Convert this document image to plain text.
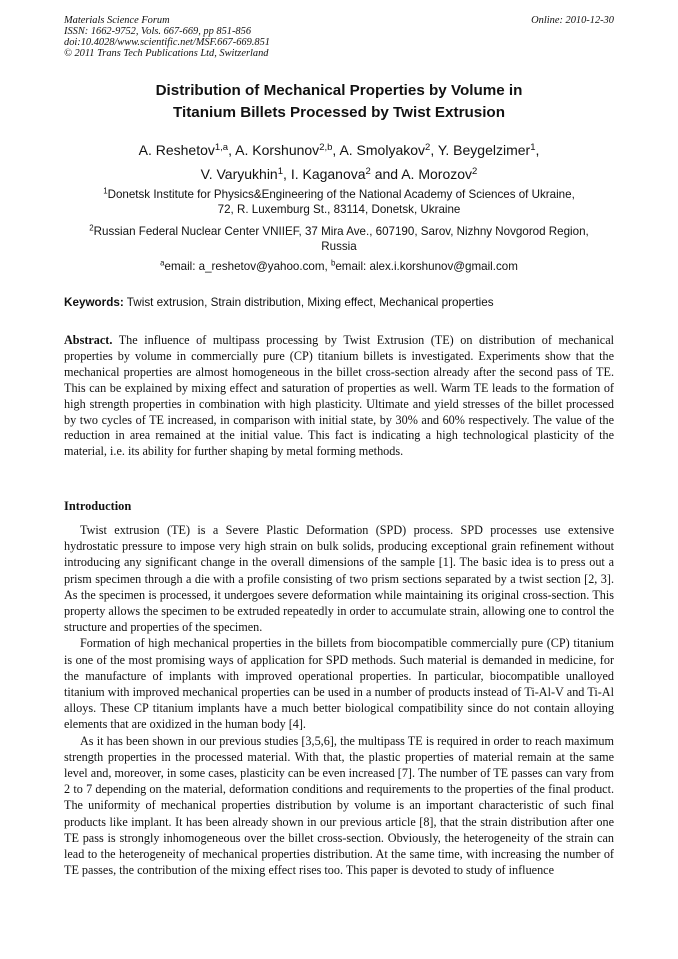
Materials Science Forum
ISSN: 1662-9752, Vols. 667-669, pp 851-856
doi:10.4028/www.scientific.net/MSF.667-669.851
© 2011 Trans Tech Publications Ltd, Switzerland
Online: 2010-12-30
Distribution of Mechanical Properties by Volume in
Titanium Billets Processed by Twist Extrusion
A. Reshetov$^{1,a}$, A. Korshunov$^{2,b}$, A. Smolyakov$^2$, Y. Beygelzimer$^1$,
V. Varyukhin$^1$, I. Kaganova$^2$ and A. Morozov$^2$
$^1$Donetsk Institute for Physics&Engineering of the National Academy of Sciences of Ukraine,
72, R. Luxemburg St., 83114, Donetsk, Ukraine
$^2$Russian Federal Nuclear Center VNIIEF, 37 Mira Ave., 607190, Sarov, Nizhny Novgorod Region,
Russia
$^a$email: a_reshetov@yahoo.com, $^b$email: alex.i.korshunov@gmail.com
Keywords: Twist extrusion, Strain distribution, Mixing effect, Mechanical properties
Abstract. The influence of multipass processing by Twist Extrusion (TE) on distribution of mechanical properties by volume in commercially pure (CP) titanium billets is investigated. Experiments show that the mechanical properties are almost homogeneous in the billet cross-section already after the second pass of TE. This can be explained by mixing effect and saturation of properties as well. Warm TE leads to the formation of high strength properties in combination with high plasticity. Ultimate and yield stresses of the billet processed by two cycles of TE increased, in comparison with initial state, by 30% and 60% respectively. The value of the reduction in area remained at the initial value. This fact is indicating a high technological plasticity of the material, i.e. its ability for further shaping by metal forming methods.
Introduction

Twist extrusion (TE) is a Severe Plastic Deformation (SPD) process. SPD processes use extensive hydrostatic pressure to impose very high strain on bulk solids, producing exceptional grain refinement without introducing any significant change in the overall dimensions of the sample [1]. The basic idea is to press out a prism specimen through a die with a profile consisting of two prism sections separated by a twist section [2, 3]. As the specimen is processed, it undergoes severe deformation while maintaining its original cross-section. This property allows the specimen to be extruded repeatedly in order to accumulate strain, allowing one to control the structure and properties of the specimen.

Formation of high mechanical properties in the billets from biocompatible commercially pure (CP) titanium is one of the most promising ways of application for SPD methods. Such material is demanded in medicine, for the manufacture of implants with improved operational properties. In particular, biocompatible unalloyed titanium with improved mechanical properties can be used in a number of products instead of Ti-Al-V and Ti-Al alloys. These CP titanium implants have a much better biological compatibility since do not contain alloying elements that are oxidized in the human body [4].

As it has been shown in our previous studies [3,5,6], the multipass TE is required in order to reach maximum strength properties in the processed material. With that, the plastic properties of material remain at the same level and, moreover, in some cases, plasticity can be even increased [7]. The number of TE passes can vary from 2 to 7 depending on the material, deformation conditions and requirements to the properties of the final product. The uniformity of mechanical properties distribution by volume is an important characteristic of such final products like implant. It has been already shown in our previous article [8], that the strain distribution after one TE pass is strongly inhomogeneous over the billet cross-section. Obviously, the heterogeneity of the strain can lead to the heterogeneity of mechanical properties distribution. At the same time, with increasing the number of TE passes, the contribution of the mixing effect rises too. This paper is devoted to study of influence
